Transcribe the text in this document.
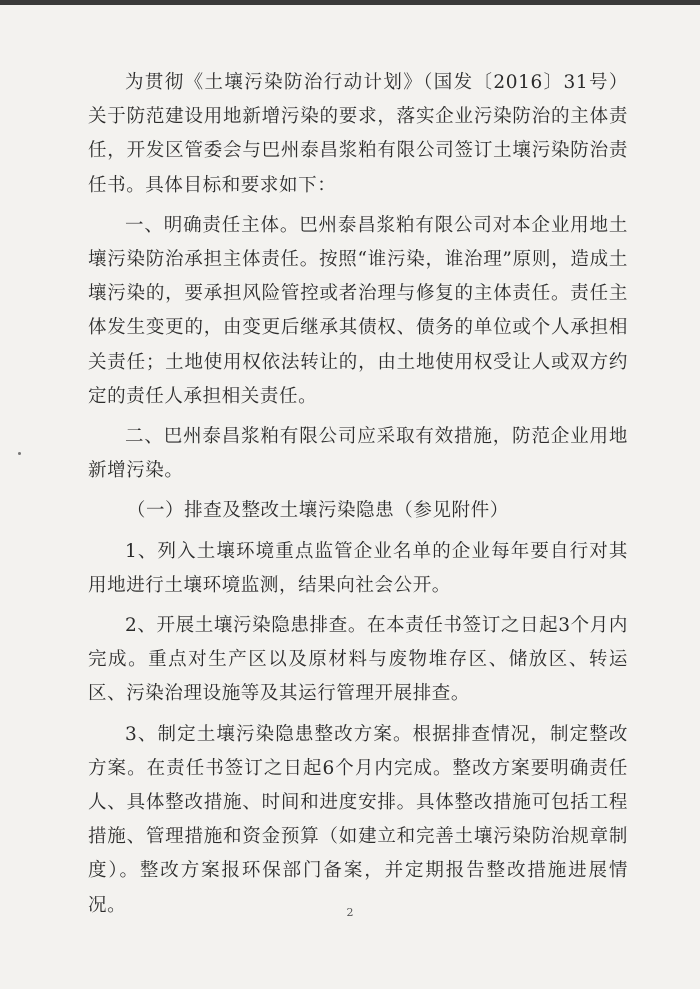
为贯彻《土壤污染防治行动计划》（国发〔2016〕31号）关于防范建设用地新增污染的要求，落实企业污染防治的主体责任，开发区管委会与巴州泰昌浆粕有限公司签订土壤污染防治责任书。具体目标和要求如下：

一、明确责任主体。巴州泰昌浆粕有限公司对本企业用地土壤污染防治承担主体责任。按照“谁污染，谁治理”原则，造成土壤污染的，要承担风险管控或者治理与修复的主体责任。责任主体发生变更的，由变更后继承其债权、债务的单位或个人承担相关责任；土地使用权依法转让的，由土地使用权受让人或双方约定的责任人承担相关责任。

二、巴州泰昌浆粕有限公司应采取有效措施，防范企业用地新增污染。

（一）排查及整改土壤污染隐患（参见附件）

1、列入土壤环境重点监管企业名单的企业每年要自行对其用地进行土壤环境监测，结果向社会公开。

2、开展土壤污染隐患排查。在本责任书签订之日起3个月内完成。重点对生产区以及原材料与废物堆存区、储放区、转运区、污染治理设施等及其运行管理开展排查。

3、制定土壤污染隐患整改方案。根据排查情况，制定整改方案。在责任书签订之日起6个月内完成。整改方案要明确责任人、具体整改措施、时间和进度安排。具体整改措施可包括工程措施、管理措施和资金预算（如建立和完善土壤污染防治规章制度）。整改方案报环保部门备案，并定期报告整改措施进展情况。	2
